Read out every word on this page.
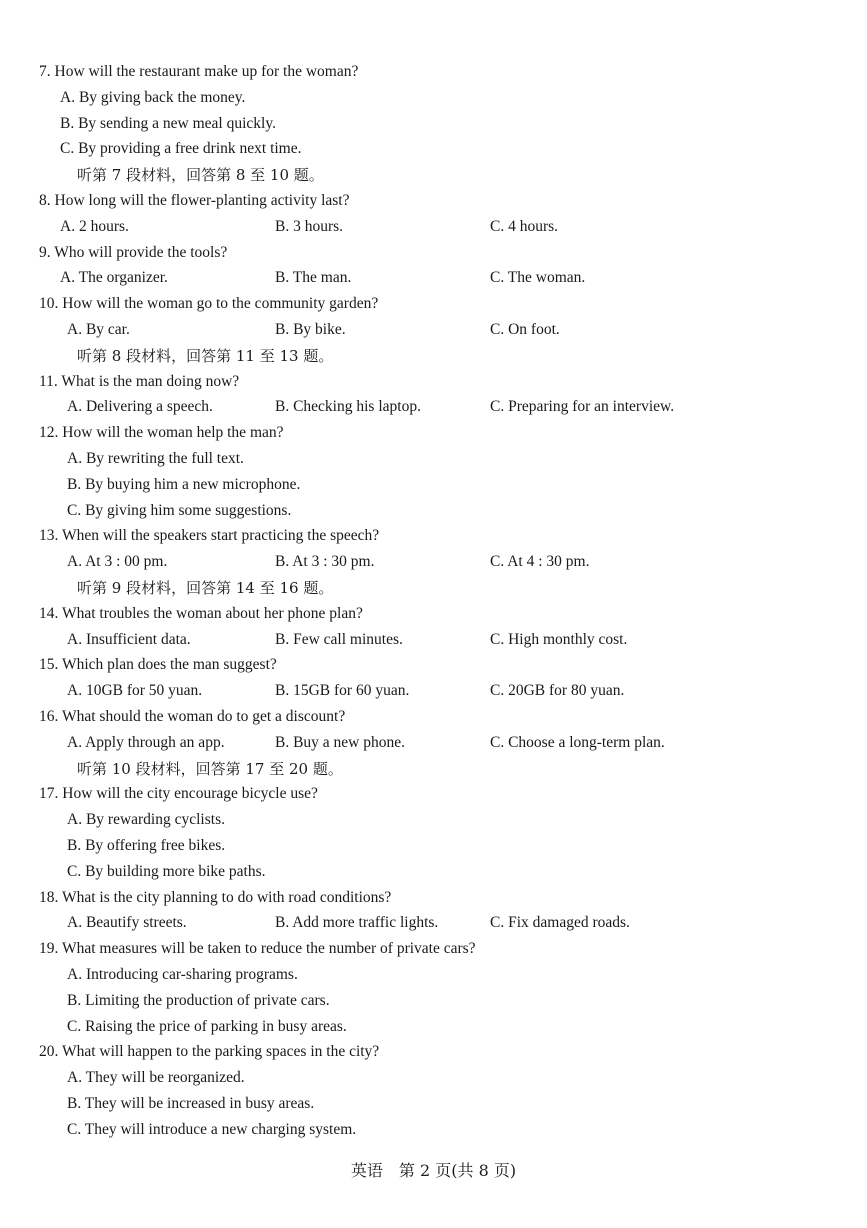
7. How will the restaurant make up for the woman?
A. By giving back the money.
B. By sending a new meal quickly.
C. By providing a free drink next time.
听第 7 段材料，回答第 8 至 10 题。
8. How long will the flower-planting activity last?
A. 2 hours.	B. 3 hours.	C. 4 hours.
9. Who will provide the tools?
A. The organizer.	B. The man.	C. The woman.
10. How will the woman go to the community garden?
A. By car.	B. By bike.	C. On foot.
听第 8 段材料，回答第 11 至 13 题。
11. What is the man doing now?
A. Delivering a speech.	B. Checking his laptop.	C. Preparing for an interview.
12. How will the woman help the man?
A. By rewriting the full text.
B. By buying him a new microphone.
C. By giving him some suggestions.
13. When will the speakers start practicing the speech?
A. At 3 : 00 pm.	B. At 3 : 30 pm.	C. At 4 : 30 pm.
听第 9 段材料，回答第 14 至 16 题。
14. What troubles the woman about her phone plan?
A. Insufficient data.	B. Few call minutes.	C. High monthly cost.
15. Which plan does the man suggest?
A. 10GB for 50 yuan.	B. 15GB for 60 yuan.	C. 20GB for 80 yuan.
16. What should the woman do to get a discount?
A. Apply through an app.	B. Buy a new phone.	C. Choose a long-term plan.
听第 10 段材料，回答第 17 至 20 题。
17. How will the city encourage bicycle use?
A. By rewarding cyclists.
B. By offering free bikes.
C. By building more bike paths.
18. What is the city planning to do with road conditions?
A. Beautify streets.	B. Add more traffic lights.	C. Fix damaged roads.
19. What measures will be taken to reduce the number of private cars?
A. Introducing car-sharing programs.
B. Limiting the production of private cars.
C. Raising the price of parking in busy areas.
20. What will happen to the parking spaces in the city?
A. They will be reorganized.
B. They will be increased in busy areas.
C. They will introduce a new charging system.
英语　第 2 页(共 8 页)
